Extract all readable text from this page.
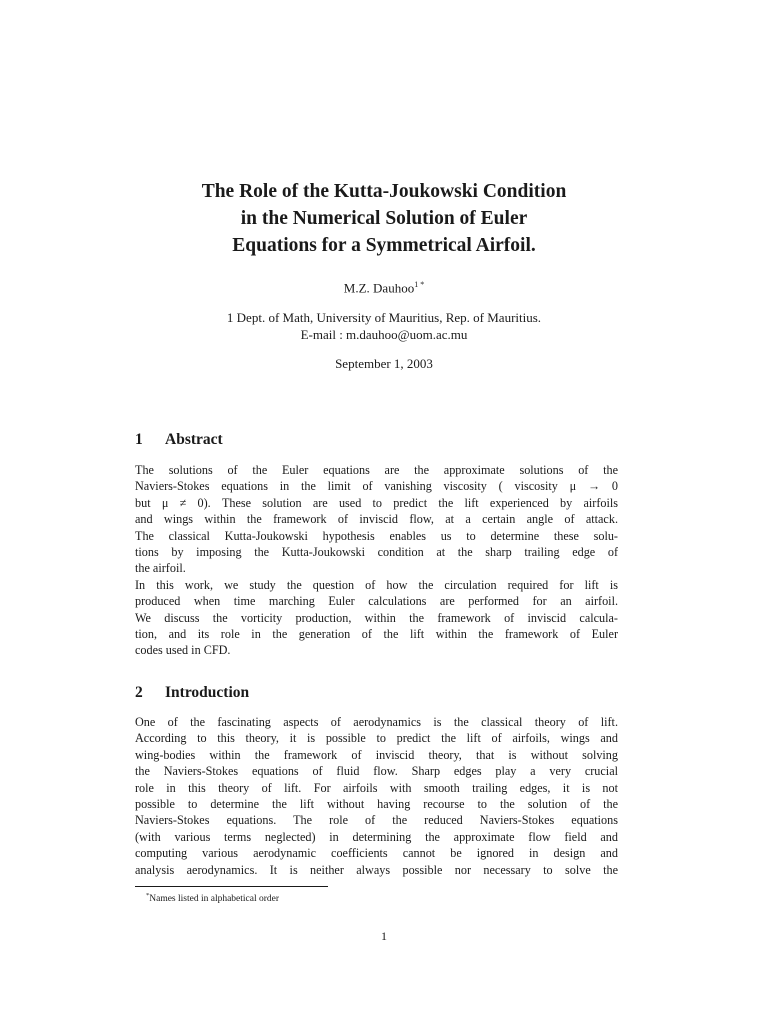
The Role of the Kutta-Joukowski Condition
in the Numerical Solution of Euler
Equations for a Symmetrical Airfoil.
M.Z. Dauhoo$^{1 *}$
1 Dept. of Math, University of Mauritius, Rep. of Mauritius.
E-mail : m.dauhoo@uom.ac.mu
September 1, 2003
1 Abstract
The solutions of the Euler equations are the approximate solutions of the
Naviers-Stokes equations in the limit of vanishing viscosity ( viscosity μ → 0
but μ ≠ 0). These solution are used to predict the lift experienced by airfoils
and wings within the framework of inviscid flow, at a certain angle of attack.
The classical Kutta-Joukowski hypothesis enables us to determine these solu-
tions by imposing the Kutta-Joukowski condition at the sharp trailing edge of
the airfoil.
In this work, we study the question of how the circulation required for lift is
produced when time marching Euler calculations are performed for an airfoil.
We discuss the vorticity production, within the framework of inviscid calcula-
tion, and its role in the generation of the lift within the framework of Euler
codes used in CFD.
2 Introduction
One of the fascinating aspects of aerodynamics is the classical theory of lift.
According to this theory, it is possible to predict the lift of airfoils, wings and
wing-bodies within the framework of inviscid theory, that is without solving
the Naviers-Stokes equations of fluid flow. Sharp edges play a very crucial
role in this theory of lift. For airfoils with smooth trailing edges, it is not
possible to determine the lift without having recourse to the solution of the
Naviers-Stokes equations. The role of the reduced Naviers-Stokes equations
(with various terms neglected) in determining the approximate flow field and
computing various aerodynamic coefficients cannot be ignored in design and
analysis aerodynamics. It is neither always possible nor necessary to solve the
*Names listed in alphabetical order
1
